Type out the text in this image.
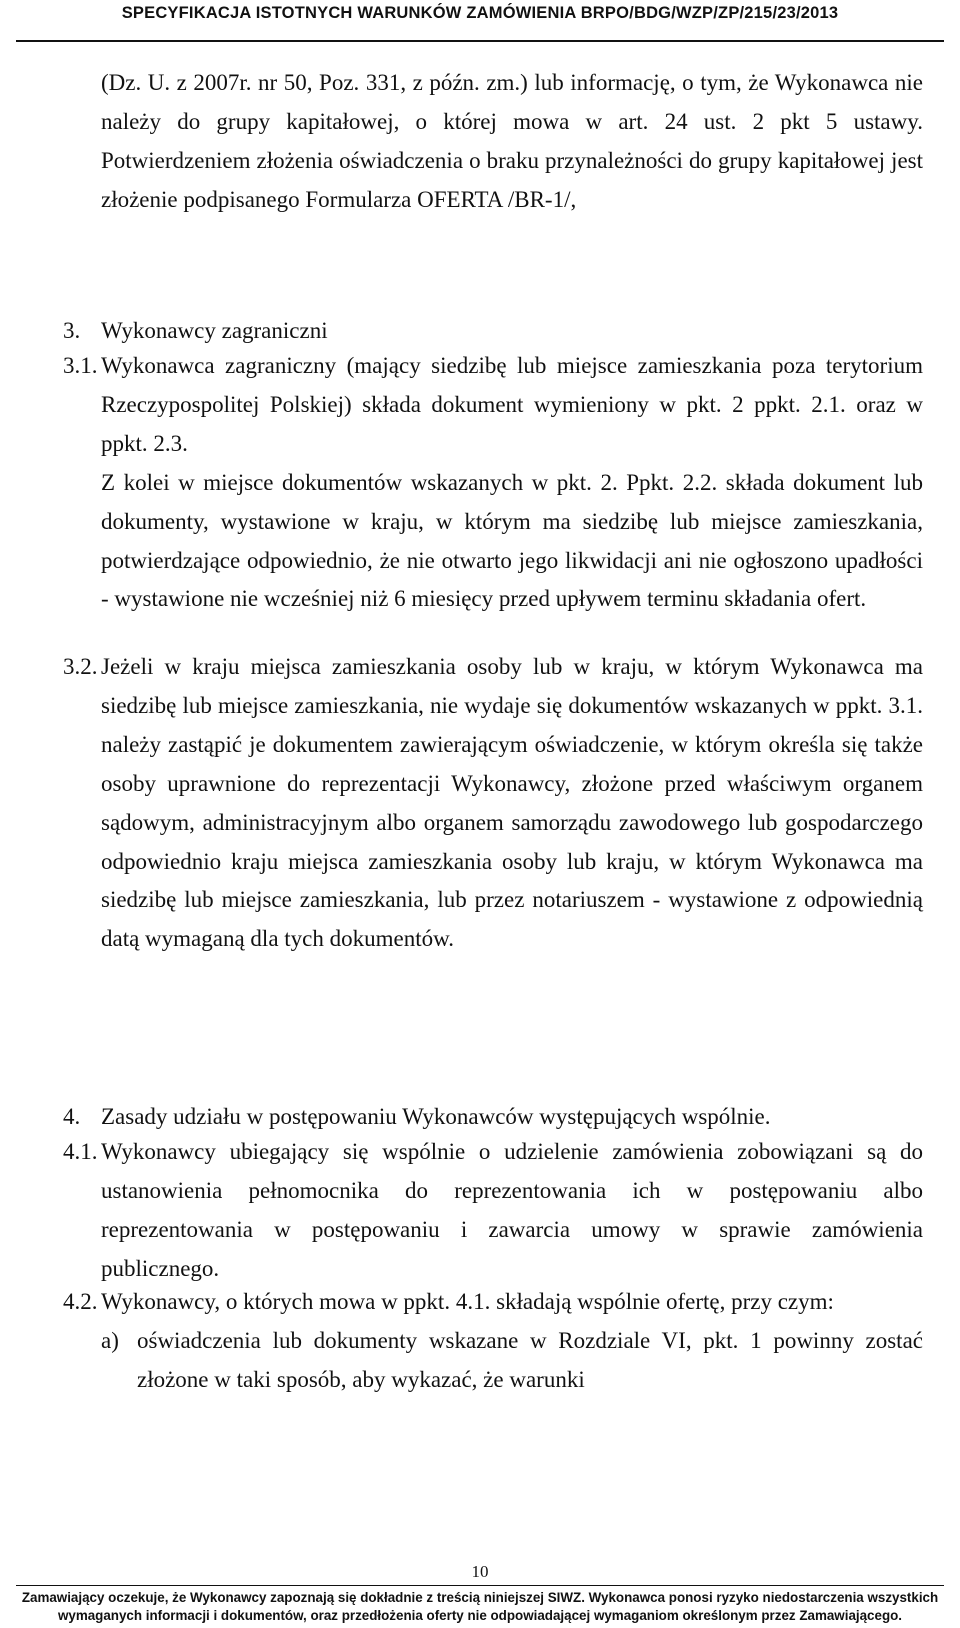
SPECYFIKACJA ISTOTNYCH WARUNKÓW ZAMÓWIENIA BRPO/BDG/WZP/ZP/215/23/2013

(Dz. U. z 2007r. nr 50, Poz. 331, z późn. zm.) lub informację, o tym, że Wykonawca nie należy do grupy kapitałowej, o której mowa w art. 24 ust. 2 pkt 5 ustawy. Potwierdzeniem złożenia oświadczenia o braku przynależności do grupy kapitałowej jest złożenie podpisanego Formularza OFERTA /BR-1/,

3. Wykonawcy zagraniczni
3.1. Wykonawca zagraniczny (mający siedzibę lub miejsce zamieszkania poza terytorium Rzeczypospolitej Polskiej) składa dokument wymieniony w pkt. 2 ppkt. 2.1. oraz w ppkt. 2.3.

Z kolei w miejsce dokumentów wskazanych w pkt. 2. Ppkt. 2.2. składa dokument lub dokumenty, wystawione w kraju, w którym ma siedzibę lub miejsce zamieszkania, potwierdzające odpowiednio, że nie otwarto jego likwidacji ani nie ogłoszono upadłości - wystawione nie wcześniej niż 6 miesięcy przed upływem terminu składania ofert.

3.2. Jeżeli w kraju miejsca zamieszkania osoby lub w kraju, w którym Wykonawca ma siedzibę lub miejsce zamieszkania, nie wydaje się dokumentów wskazanych w ppkt. 3.1. należy zastąpić je dokumentem zawierającym oświadczenie, w którym określa się także osoby uprawnione do reprezentacji Wykonawcy, złożone przed właściwym organem sądowym, administracyjnym albo organem samorządu zawodowego lub gospodarczego odpowiednio kraju miejsca zamieszkania osoby lub kraju, w którym Wykonawca ma siedzibę lub miejsce zamieszkania, lub przez notariuszem - wystawione z odpowiednią datą wymaganą dla tych dokumentów.

4. Zasady udziału w postępowaniu Wykonawców występujących wspólnie.
4.1. Wykonawcy ubiegający się wspólnie o udzielenie zamówienia zobowiązani są do ustanowienia pełnomocnika do reprezentowania ich w postępowaniu albo reprezentowania w postępowaniu i zawarcia umowy w sprawie zamówienia publicznego.

4.2. Wykonawcy, o których mowa w ppkt. 4.1. składają wspólnie ofertę, przy czym:

a) oświadczenia lub dokumenty wskazane w Rozdziale VI, pkt. 1 powinny zostać złożone w taki sposób, aby wykazać, że warunki

10
Zamawiający oczekuje, że Wykonawcy zapoznają się dokładnie z treścią niniejszej SIWZ. Wykonawca ponosi ryzyko niedostarczenia wszystkich wymaganych informacji i dokumentów, oraz przedłożenia oferty nie odpowiadającej wymaganiom określonym przez Zamawiającego.
